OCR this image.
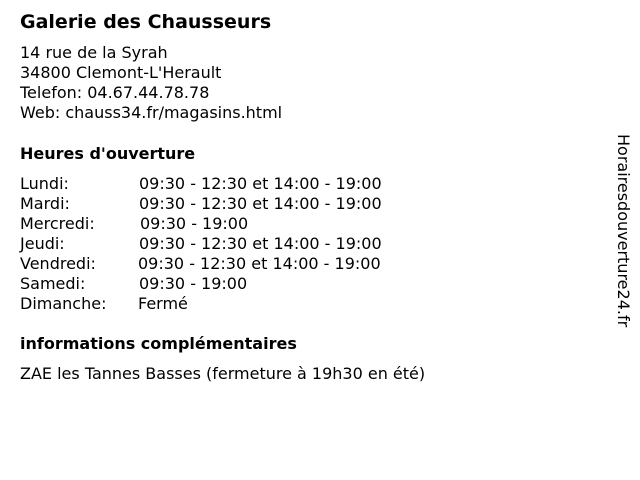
Galerie des Chausseurs
14 rue de la Syrah
34800 Clemont-L'Herault
Telefon: 04.67.44.78.78
Web: chauss34.fr/magasins.html
Heures d'ouverture
Lundi:	09:30 - 12:30 et 14:00 - 19:00
Mardi:	09:30 - 12:30 et 14:00 - 19:00
Mercredi:	09:30 - 19:00
Jeudi:	09:30 - 12:30 et 14:00 - 19:00
Vendredi:	09:30 - 12:30 et 14:00 - 19:00
Samedi:	09:30 - 19:00
Dimanche: Fermé
informations complémentaires
ZAE les Tannes Basses (fermeture à 19h30 en été)
Horairesdouverture24.fr
